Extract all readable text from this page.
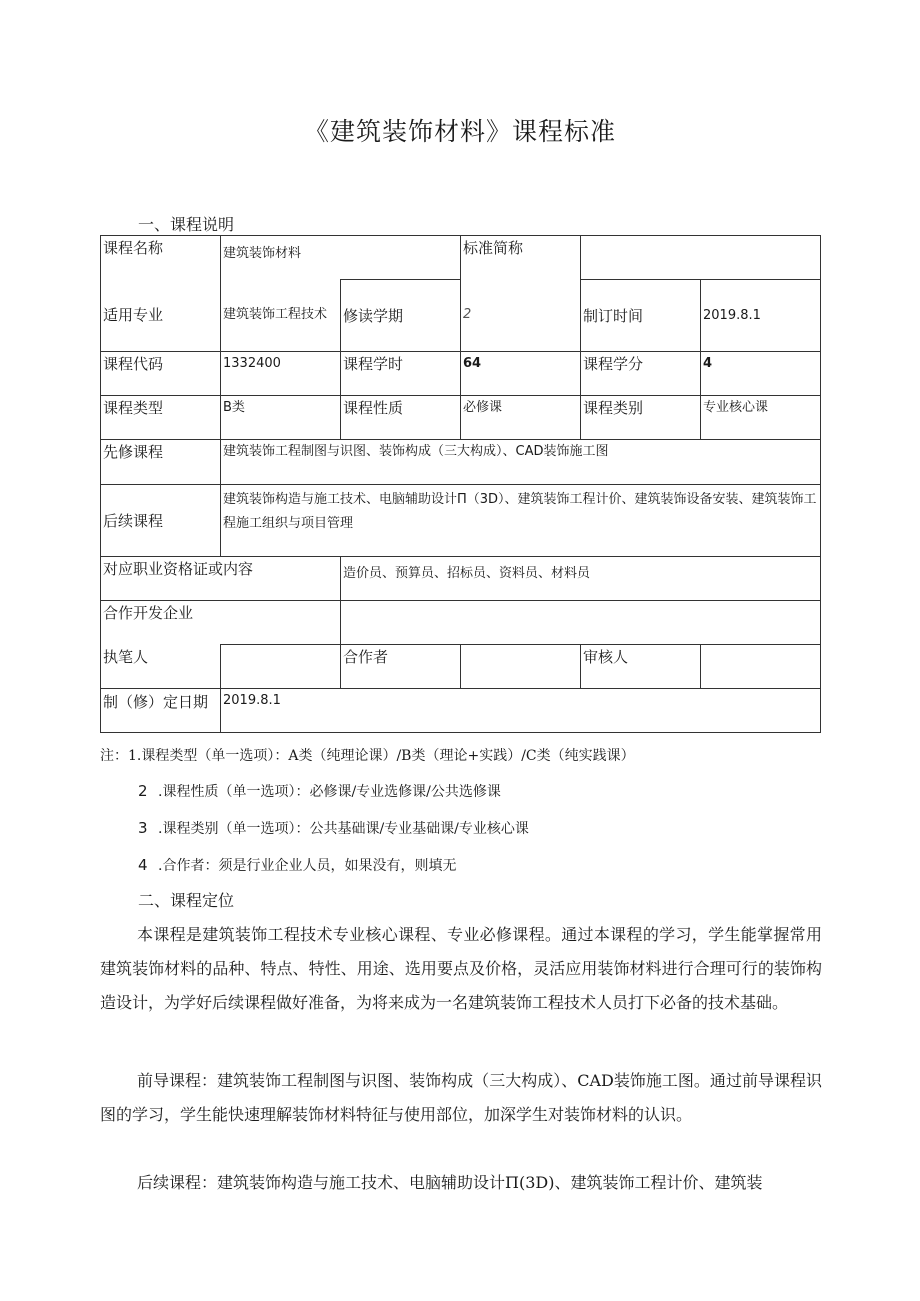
《建筑装饰材料》课程标准
一、课程说明
课程名称	建筑装饰材料		标准简称		
适用专业	建筑装饰工程技术	修读学期	2	制订时间	2019.8.1
课程代码	1332400	课程学时	64	课程学分	4
课程类型	B类	课程性质	必修课	课程类别	专业核心课
先修课程	建筑装饰工程制图与识图、装饰构成（三大构成）、CAD装饰施工图				
后续课程	建筑装饰构造与施工技术、电脑辅助设计Π（3D）、建筑装饰工程计价、建筑装饰设备安装、建筑装饰工程施工组织与项目管理				
对应职业资格证或内容		造价员、预算员、招标员、资料员、材料员			
合作开发企业					
执笔人		合作者		审核人	
制（修）定日期	2019.8.1				
注：1.课程类型（单一选项）：A类（纯理论课）/B类（理论+实践）/C类（纯实践课）
2 .课程性质（单一选项）：必修课/专业选修课/公共选修课
3 .课程类别（单一选项）：公共基础课/专业基础课/专业核心课
4 .合作者：须是行业企业人员，如果没有，则填无
二、课程定位
本课程是建筑装饰工程技术专业核心课程、专业必修课程。通过本课程的学习，学生能掌握常用建筑装饰材料的品种、特点、特性、用途、选用要点及价格，灵活应用装饰材料进行合理可行的装饰构造设计，为学好后续课程做好准备，为将来成为一名建筑装饰工程技术人员打下必备的技术基础。
前导课程：建筑装饰工程制图与识图、装饰构成（三大构成）、CAD装饰施工图。通过前导课程识图的学习，学生能快速理解装饰材料特征与使用部位，加深学生对装饰材料的认识。
后续课程：建筑装饰构造与施工技术、电脑辅助设计Π(3D)、建筑装饰工程计价、建筑装
